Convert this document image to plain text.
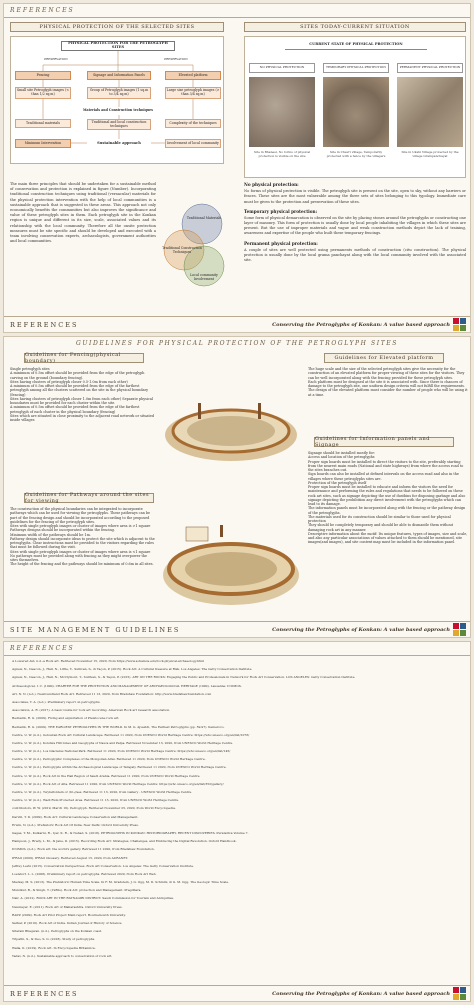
REFERENCES
PHYSICAL PROTECTION OF THE SELECTED SITES	SITES TODAY-CURRENT SITUATION
PHYSICAL PROTECTION FOR THE PETROGLYPH SITES
PRESERVATION	PRESERVATION
Fencing	Signage and Information Panels	Elevated platform
Small site Petroglyph images (< than 1/2 sq.m)
Group of Petroglyph images (1 sq.m to 3/4 sq.m)
Large size petroglyph images (> than 3/4 sq.m)
Materials and Construction techniques
Traditional materials	Traditional and local construction techniques
Complexity of the techniques
Minimum Intervention	Sustainable approach	Involvement of local community
CURRENT STATE OF PHYSICAL PROTECTION
NO PHYSICAL PROTECTION	TEMPORARY PHYSICAL PROTECTION	PERMANENT PHYSICAL PROTECTION
Site in Bhanesi, No forms of physical protection is visible on the site
Site in Chavri village, Temporarily protected with a fence by the villagers
Site in Ukshi Village protected by the village Grampanchayat
The main three principles that should be undertaken for a sustainable method of conservation and protection is explained in figure (Number). Incorporating traditional construction techniques using traditional (vernacular) materials for the physical protection intervention with the help of local communities is a sustainable approach that is suggested in these areas. This approach not only economically benefits the communities but also improves the significance and value of these petroglyph sites in them. Each petroglyph site in the Konkan region is unique and different in its size, scale, associated values and its relationship with the local community. Therefore all the onsite protection measures must be site specific and should be developed and executed with a team involving conservation experts, archaeologists, government authorities and local communities.
Traditional Materials
Traditional Construction Techniques
Local community Involvement
No physical protection:
No forms of physical protection is visible. The petroglyph site is present on the site, open to sky, without any barriers or fences. These sites are the most vulnerable among the three sets of sites belonging to this typology. Immediate care must be given to the protection and preservation of these sites.
Temporary physical protection:
Some form of physical demarcation is observed on the site by placing stones around the petroglyphs or constructing one layer of masonry. This form of protection is usually done by local people inhabiting the villages in which these sites are present. But the use of improper materials and vague and weak construction methods depict the lack of training, awareness and expertise of the people who built these temporary fencings.
Permanent physical protection:
A couple of sites are well protected using permanents methods of construction (citu construction). The physical protection is usually done by the local grama panchayat along with the local community involved with the associated site.
REFERENCES	Conserving the Petroglyphs of Konkan: A value based approach
GUIDELINES FOR PHYSICAL PROTECTION OF THE PETROGLYPH SITES
Guidelines for Fencing(physical boundary)
Single petroglyph sites
A minimum of 0.5m offset should be provided from the edge of the petroglyph carving on the ground (boundary fencing).
Sites having clusters of petroglyph closer 0.5-1.0m from each other)
A minimum of 0.5m offset should be provided from the edge of the farthest petroglyph among all the clusters scattered on the site in the physical boundary (fencing)
Sites having clusters of petroglyph closer 1.0m from each other) Separate physical boundaries must be provided for each cluster within the site.
A minimum of 0.5m offset should be provided from the edge of the farthest petroglyph of each cluster in the physical boundary (fencing)
Sites which are situated in close proximity to the adjacent road network or situated inside villages
Guidelines for Pathways around the sites for viewing
The construction of the physical boundaries can be integrated to incorporate pathways which can be used for viewing the petroglyphs. These pathways can be part of the fencing design and should be incorporated according to the proposed guidelines for the fencing of the petroglyph sites.
Sites with single petroglyph images or cluster of images where area is >1 square
Pathways designs should be incorporated within the fencing.
Minimum width of the pathways should be 1m.
Pathway design should incorporate ideas to protect the site which is adjacent to the petroglyphs. Clear instructions must be provided to the visitors regarding the rules that must be followed during the visit.
Sites with single petroglyph images or cluster of images where area is <1 square
No pathways must be provided along with fencing as they might overpower the sites themselves.
The height of the fencing and the pathways should be minimum of 0.6m in all sites.
Guidelines for Elevated platform
The huge scale and the size of the selected petroglyph sites give the necessity for the construction of an elevated platform for proper viewing of these sites for the visitors. They can be well incorporated along with the fencing provided for these petroglyph sites.
Each platform must be designed at the site it is associated with. Since there is chances of damage to the petroglyph site, one uniform design criteria will not fulfill the requirements.
The design of the elevated platform must consider the number of people who will be using it at a time.
Guidelines for Information panels and Signage
Signage should be installed mostly for:
Access and location of the petroglyphs
Proper sign boards must be installed to direct the visitors to the site, preferably starting from the nearest main roads (National and state highways) from where the access road to the sites branches out.
Sign boards can also be installed at defined intervals on the access road and also in the villages where these petroglyphs sites are.
Protection of the petroglyph itself
Proper sign boards must be installed to educate and inform the visitors the need for maintenance and performing the rules and regulations that needs to be followed on these rock art sites, such as signage depicting the use of dustbins for disposing garbage and also signage depicting the prohibition any direct involvement with the petroglyphs which can lead to its damage.
The information panels must be incorporated along with the fencing or the pathway design of the petroglyphs.
The materials used for its construction should be similar to those used for physical protection
They should be completely temporary and should be able to dismantle them without damaging rock art in any manner.
Descriptive information about the motif: Its unique features, types of images, size and scale, and also any particular associations of values attached to them should be mentioned, site images(and images), and site context map must be included in the information panel.
SITE MANAGEMENT GUIDELINES	Conserving the Petroglyphs of Konkan: A value based approach
REFERENCES
A Lowered Aid, n.d.-a Rock art. Retrieved November 15, 2020, from https://www.sohamca.edu/rock-physical-archaeology.html
Agnew, N., Deacon, J., Hall, N., Little, T., Sullivan, S., & Taçon, P. (2015). Rock Art: A Cultural treasure at Risk. Los Angeles: The Getty Conservation Institute.
Agnew, N., Deacon, J., Hall, N., McClymont, T., Sullivan, S., & Taçon, P. (2015). ART ON THE ROCKS: Engaging the Public and Professionals in Network for Rock Art Conservation. LOS ANGELES: Getty Conservation Institute.
Archaeological, I. C. (1990). CHARTER FOR THE PROTECTION AND MANAGEMENT OF ARCHAEOLOGICAL HERITAGE (1990). Lausanne: ICOMOS.
Art, N. N. (n.d.). Newfoundland Rock Art. Retrieved 11 13, 2020, from Bradshaw Foundation: http://www.bradshawfoundation.com
Associates, T. A. (n.d.). Preliminary report on petroglyphs.
Association, A. R. (2017). A basic Guide for rock art recording. American Rock art research association.
Bednarik, R. G. (2009). Fixing and exploitation of Pleistocene rock art.
Bednarik, R. G. (2009). THE EARLIEST PETROGLYPHS IN THE WORLD. In M. G. Ajvazidi, The Earliest Petroglyphs (pp. 59-97). Kemerovo.
Centre, U. W. (n.d.). Gobustan Rock Art Cultural Landscape. Retrieved 11 2020, from UNESCO World Heritage Centre: https://whc.unesco.org/en/list/1076/
Centre, U. W. (n.d.). Kondwa Hill Lines and Geoglyphs of Nasca and Palpa. Retrieved November 13, 2020, from UNESCO World Heritage Centre.
Centre, U. W. (n.d.). Los Glaciares National Park. Retrieved 11 2020, from UNESCO World Heritage Centre: https://whc.unesco.org/en/list/145/
Centre, U. W. (n.d.). Petroglyphic Complexes of the Mongolian Altai. Retrieved 11 2020, from UNESCO World Heritage Centre.
Centre, U. W. (n.d.). Petroglyphs within the Archaeological Landscape of Tamgaly. Retrieved 11 2020, from UNESCO World Heritage Centre.
Centre, U. W. (n.d.). Rock Art in the Hail Region of Saudi Arabia. Retrieved 11 2020, from UNESCO World Heritage Centre.
Centre, U. W. (n.d.). Rock Art of Alta. Retrieved 11 2020, from UNESCO World Heritage Centre: https://whc.unesco.org/en/list/352/gallery/
Centre, U. W. (n.d.). Twyfelfontein or /Ui-//aes. Retrieved 11 13, 2020, from Gallery - UNESCO World Heritage Centre.
Centre, U. W. (n.d.). Wadi Rum Protected Area. Retrieved 11 13, 2020, from UNESCO World Heritage Centre.
contributors, W. W. (2019, March 16). Petroglyph. Retrieved November 25, 2020, from World Encyclopedia.
Darvill, T. D. (2009). Rock Art: Cultural Landscape Conservation and Management.
Erwin, N. (n.d.). Prehistoric Rock Art Of India. New Delhi: Oxford University Press.
Gagas, T. M., Kulkarni, R., Iyer, K. R., & Nehad, S. (2018). PETROGLYPHS IN KONKAN: HISTORIOGRAPHY, RECENT DISCOVERIES. Puratattva Volume 7.
Hampson, J., Brady, L. M., & Jane, D. (2015). Recording Rock Art: Strategies, Challenges, and Embracing the Digital Revolution. Oxford Handbook.
ICOMOS. (n.d.). Rock art: the world's gallery. Retrieved 11 2020, from Bradshaw Foundation.
IFRAO (2009). IFRAO Glossary. Retrieved August 15, 2020, from AURANET.
Jeffrey Levin (2015). Conservation Perspectives. Rock Art Conservation. Los Angeles: The Getty Conservation Institute.
Loendorf, L. L. (2008). Preliminary report on petroglyphs. Retrieved 2020, from Rock Art Web.
Mackay, M. S. (2013). The Prehistoric Human Time Scale. In F. M. Gradstein, J. G. Ogg, M. D. Schmitz, & G. M. Ogg, The Geologic Time Scale.
Mundkur, B., & Singh, T. (1980s). Rock Art: protection and Management. Pragdhara.
Nair, A. (2012). ROCK ART IN THE RATNAGIRI DISTRICT. Saudi Commission for Tourism and Antiquities.
Neumayer, E. (2011). Rock Art of Maharashtra. Oxford University Press.
RAPP. (2009). Rock Art Pilot Project Main report. Bournemouth University.
Sarkar, P. (2010). Rock Art of India. Indian Journal of History of Science.
Sitaram Bhagwan. (n.d.). Petroglyphs on the Konkan coast.
Tripathi, S., & Deo, S. G. (2018). Study of petroglyphs.
Walia, K. (2019). Rock Art. In Encyclopedia Britannica.
Yadav, N. (n.d.). Sustainable approach to conservation of rock art.
REFERENCES	Conserving the Petroglyphs of Konkan: A value based approach
